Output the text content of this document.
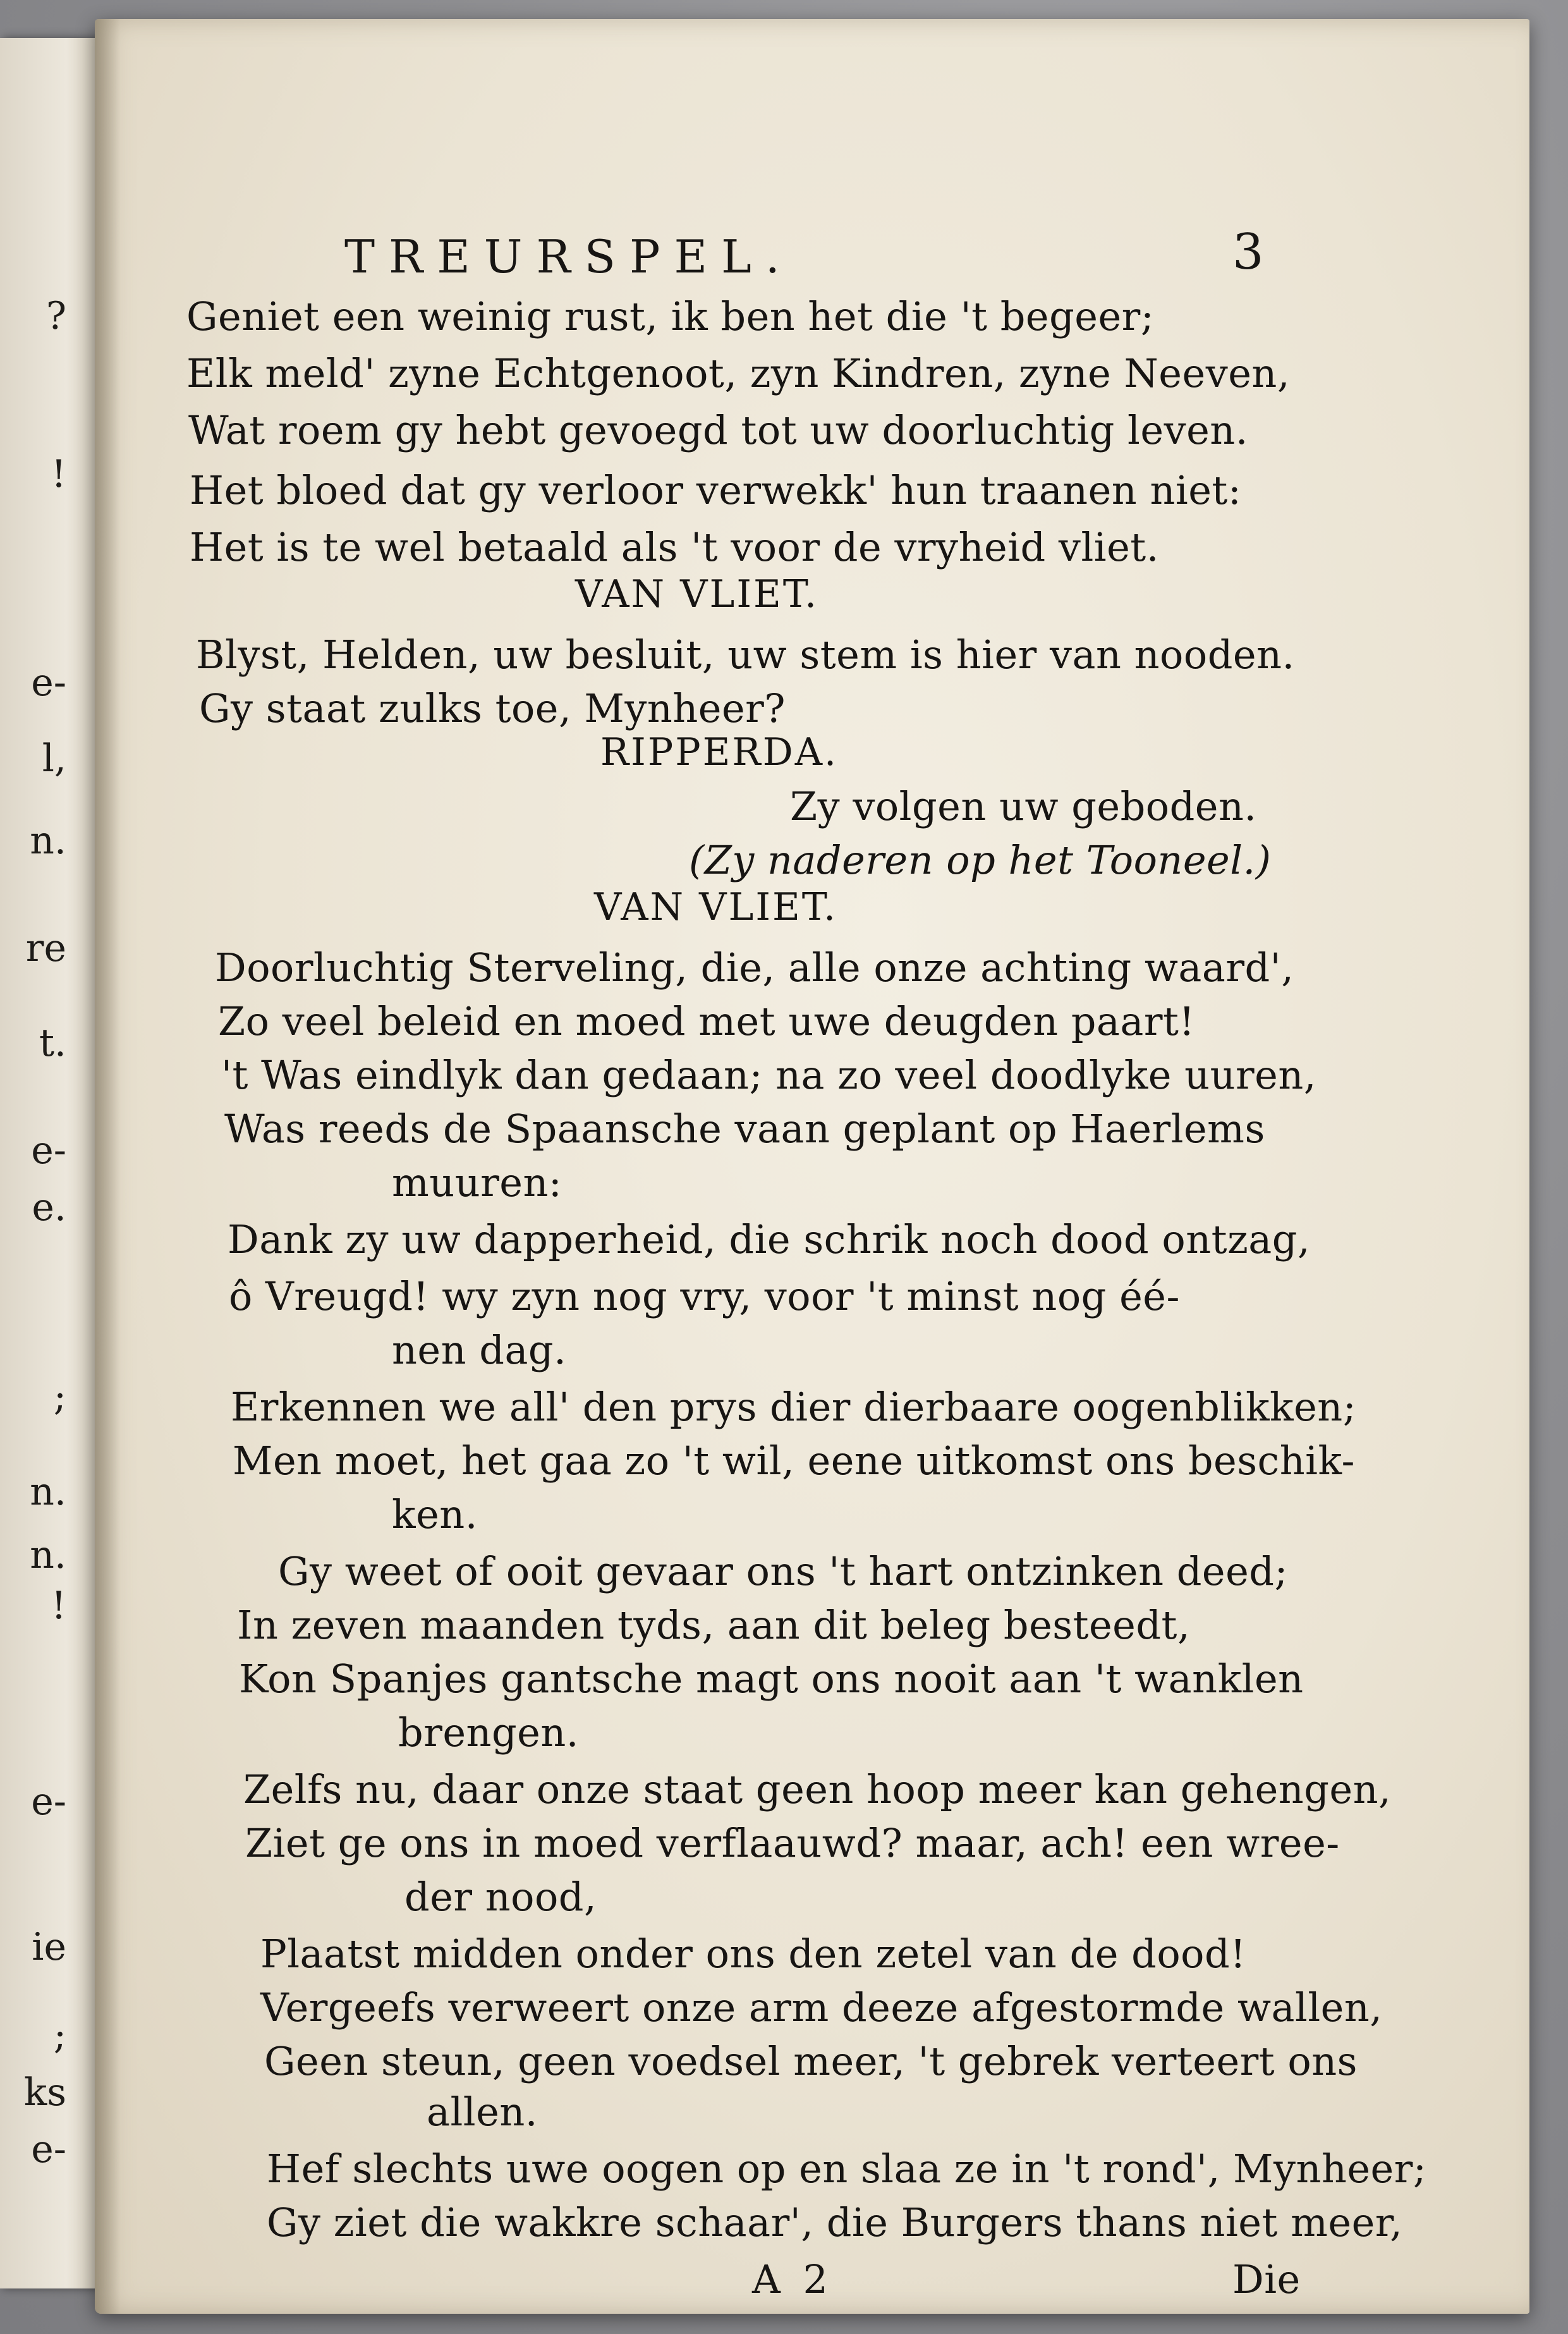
?
!
e-
l,
n.
re
t.
e-
e.
;
n.
n.
!
e-
ie
;
ks
e-
TREURSPEL.	3
Geniet een weinig rust, ik ben het die 't begeer;
Elk meld' zyne Echtgenoot, zyn Kindren, zyne Neeven,
Wat roem gy hebt gevoegd tot uw doorluchtig leven.
Het bloed dat gy verloor verwekk' hun traanen niet:
Het is te wel betaald als 't voor de vryheid vliet.
VAN VLIET.
Blyst, Helden, uw besluit, uw stem is hier van nooden.
Gy staat zulks toe, Mynheer?
RIPPERDA.
Zy volgen uw geboden.
(Zy naderen op het Tooneel.)
VAN VLIET.
Doorluchtig Sterveling, die, alle onze achting waard',
Zo veel beleid en moed met uwe deugden paart!
't Was eindlyk dan gedaan; na zo veel doodlyke uuren,
Was reeds de Spaansche vaan geplant op Haerlems
muuren:
Dank zy uw dapperheid, die schrik noch dood ontzag,
ô Vreugd! wy zyn nog vry, voor 't minst nog éé-
nen dag.
Erkennen we all' den prys dier dierbaare oogenblikken;
Men moet, het gaa zo 't wil, eene uitkomst ons beschik-
ken.
Gy weet of ooit gevaar ons 't hart ontzinken deed;
In zeven maanden tyds, aan dit beleg besteedt,
Kon Spanjes gantsche magt ons nooit aan 't wanklen
brengen.
Zelfs nu, daar onze staat geen hoop meer kan gehengen,
Ziet ge ons in moed verflaauwd? maar, ach! een wree-
der nood,
Plaatst midden onder ons den zetel van de dood!
Vergeefs verweert onze arm deeze afgestormde wallen,
Geen steun, geen voedsel meer, 't gebrek verteert ons
allen.
Hef slechts uwe oogen op en slaa ze in 't rond', Mynheer;
Gy ziet die wakkre schaar', die Burgers thans niet meer,
A 2	Die
